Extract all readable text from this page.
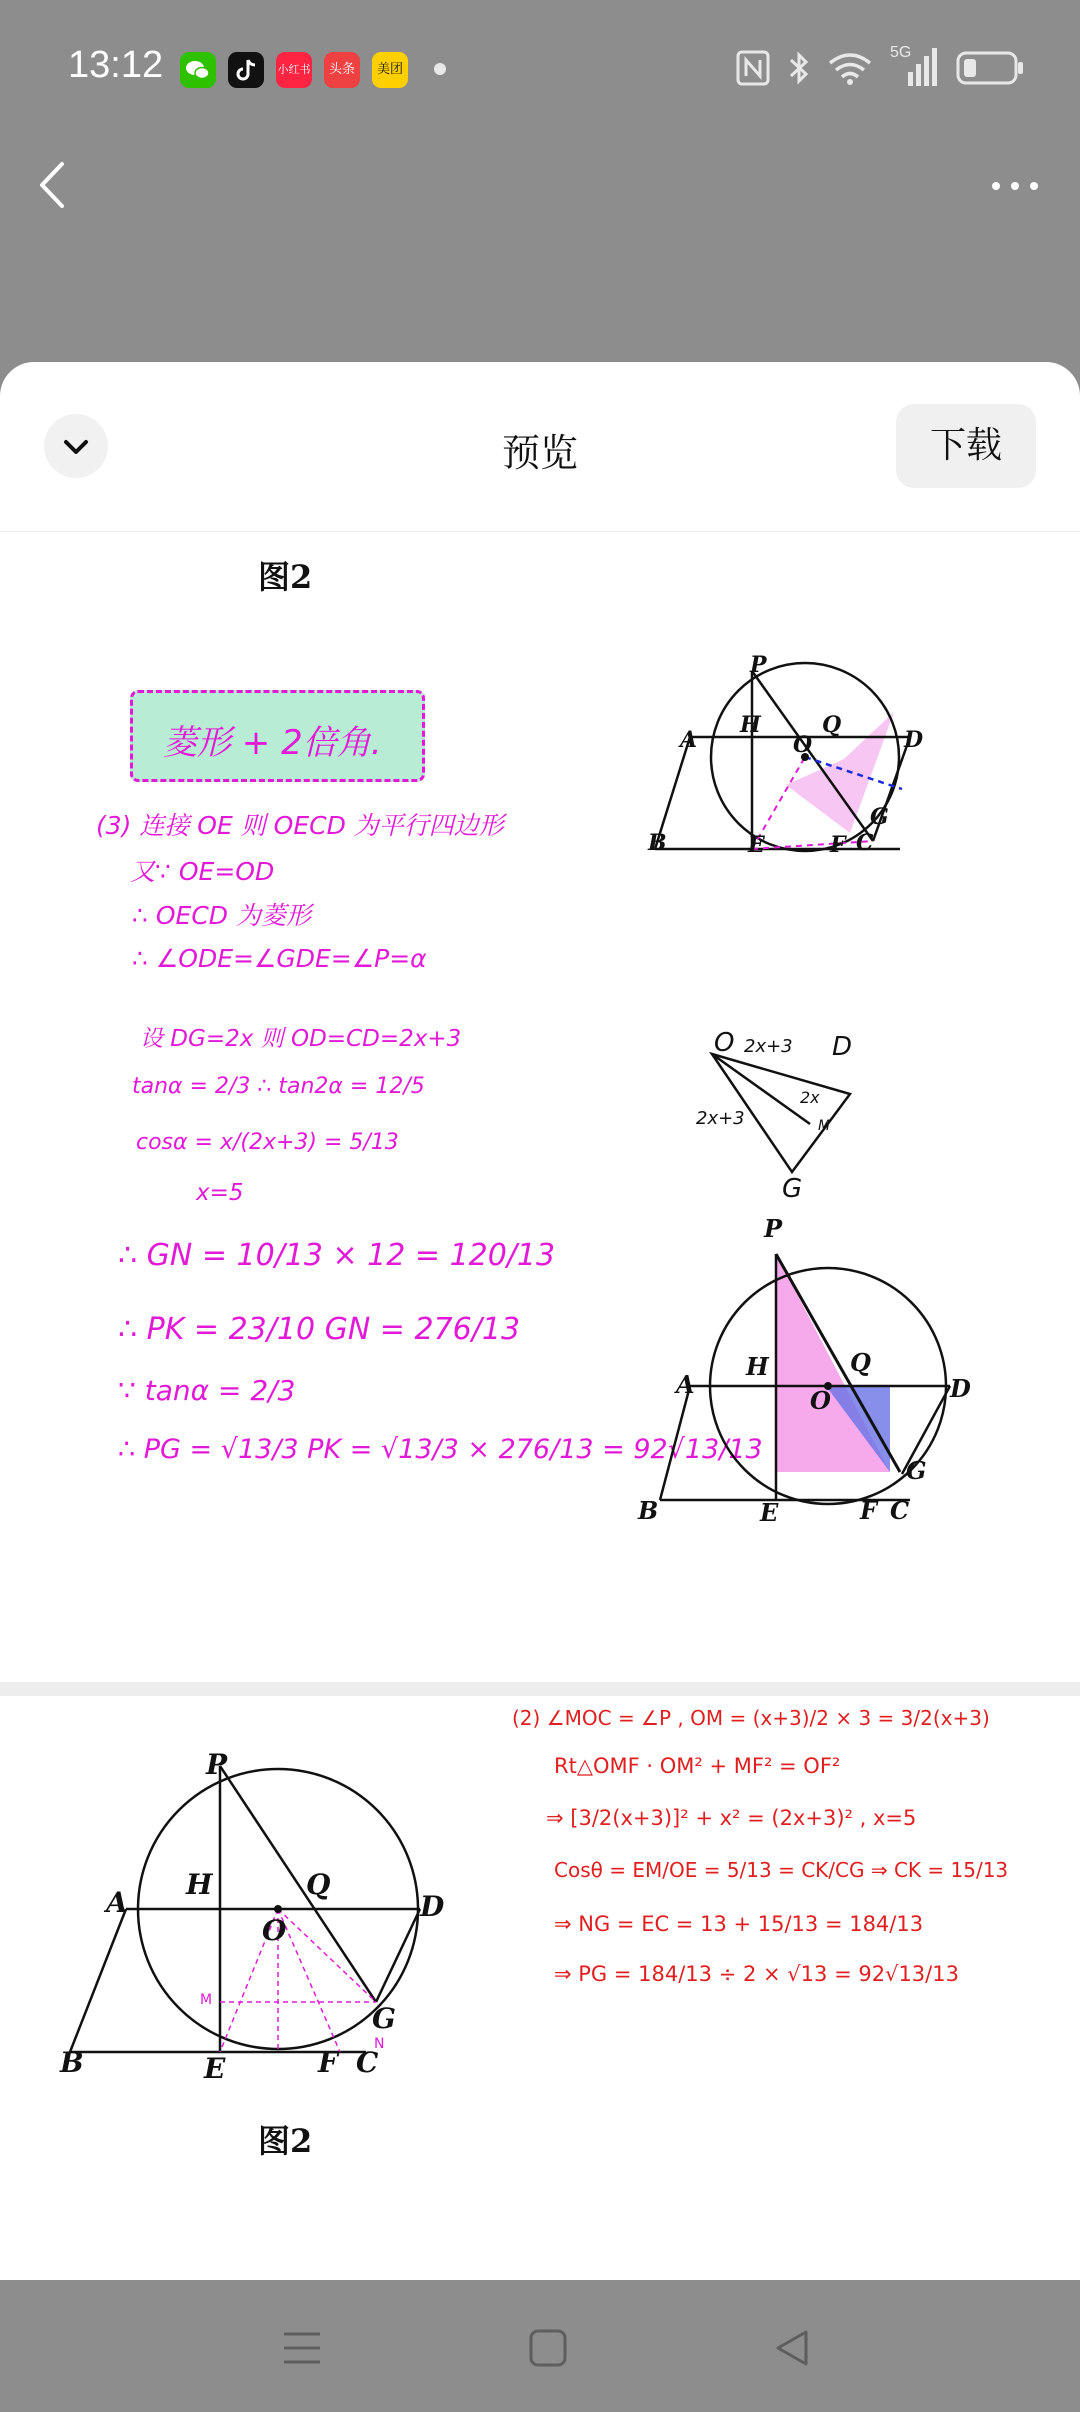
13:12	小红书	头条	美团
5G
预览	下载
图2
菱形 + 2倍角.
(3) 连接 OE 则 OECD 为平行四边形
又∵ OE=OD
∴ OECD 为菱形
∴ ∠ODE=∠GDE=∠P=α
设 DG=2x 则 OD=CD=2x+3
tanα = 2/3 ∴ tan2α = 12/5
cosα = x/(2x+3) = 5/13
x=5
∴ GN = 10/13 × 12 = 120/13
∴ PK = 23/10 GN = 276/13
∵ tanα = 2/3
∴ PG = √13/3 PK = √13/3 × 276/13 = 92√13/13
P
A
H	Q
O	D
B	E	F
G
C
O 2x+3 D
2x
2x+3	M
G
P
A
H	Q
O	D
B	E	F
G
C
P
A
H	Q
O
D
B	E	F C
G
M
N
图2
(2) ∠MOC = ∠P , OM = (x+3)/2 × 3 = 3/2(x+3)
Rt△OMF · OM² + MF² = OF²
⇒ [3/2(x+3)]² + x² = (2x+3)² , x=5
Cosθ = EM/OE = 5/13 = CK/CG ⇒ CK = 15/13
⇒ NG = EC = 13 + 15/13 = 184/13
⇒ PG = 184/13 ÷ 2 × √13 = 92√13/13
